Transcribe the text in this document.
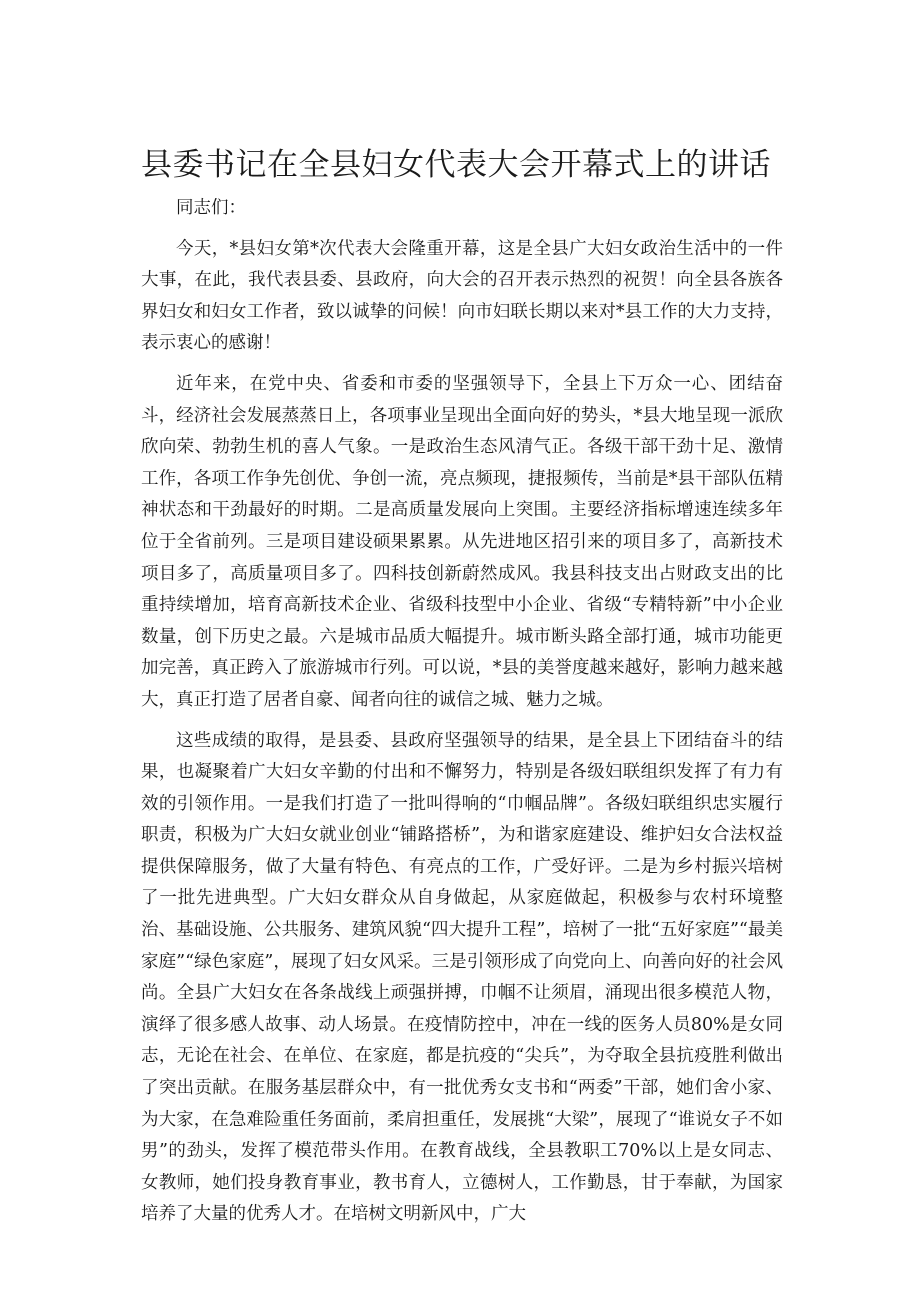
县委书记在全县妇女代表大会开幕式上的讲话

同志们：

今天，*县妇女第*次代表大会隆重开幕，这是全县广大妇女政治生活中的一件大事，在此，我代表县委、县政府，向大会的召开表示热烈的祝贺！向全县各族各界妇女和妇女工作者，致以诚挚的问候！向市妇联长期以来对*县工作的大力支持，表示衷心的感谢！

近年来，在党中央、省委和市委的坚强领导下，全县上下万众一心、团结奋斗，经济社会发展蒸蒸日上，各项事业呈现出全面向好的势头，*县大地呈现一派欣欣向荣、勃勃生机的喜人气象。一是政治生态风清气正。各级干部干劲十足、激情工作，各项工作争先创优、争创一流，亮点频现，捷报频传，当前是*县干部队伍精神状态和干劲最好的时期。二是高质量发展向上突围。主要经济指标增速连续多年位于全省前列。三是项目建设硕果累累。从先进地区招引来的项目多了，高新技术项目多了，高质量项目多了。四科技创新蔚然成风。我县科技支出占财政支出的比重持续增加，培育高新技术企业、省级科技型中小企业、省级“专精特新”中小企业数量，创下历史之最。六是城市品质大幅提升。城市断头路全部打通，城市功能更加完善，真正跨入了旅游城市行列。可以说，*县的美誉度越来越好，影响力越来越大，真正打造了居者自豪、闻者向往的诚信之城、魅力之城。

这些成绩的取得，是县委、县政府坚强领导的结果，是全县上下团结奋斗的结果，也凝聚着广大妇女辛勤的付出和不懈努力，特别是各级妇联组织发挥了有力有效的引领作用。一是我们打造了一批叫得响的“巾帼品牌”。各级妇联组织忠实履行职责，积极为广大妇女就业创业“铺路搭桥”，为和谐家庭建设、维护妇女合法权益提供保障服务，做了大量有特色、有亮点的工作，广受好评。二是为乡村振兴培树了一批先进典型。广大妇女群众从自身做起，从家庭做起，积极参与农村环境整治、基础设施、公共服务、建筑风貌“四大提升工程”，培树了一批“五好家庭”“最美家庭”“绿色家庭”，展现了妇女风采。三是引领形成了向党向上、向善向好的社会风尚。全县广大妇女在各条战线上顽强拼搏，巾帼不让须眉，涌现出很多模范人物，演绎了很多感人故事、动人场景。在疫情防控中，冲在一线的医务人员80%是女同志，无论在社会、在单位、在家庭，都是抗疫的“尖兵”，为夺取全县抗疫胜利做出了突出贡献。在服务基层群众中，有一批优秀女支书和“两委”干部，她们舍小家、为大家，在急难险重任务面前，柔肩担重任，发展挑“大梁”，展现了“谁说女子不如男”的劲头，发挥了模范带头作用。在教育战线，全县教职工70%以上是女同志、女教师，她们投身教育事业，教书育人，立德树人，工作勤恳，甘于奉献，为国家培养了大量的优秀人才。在培树文明新风中，广大
